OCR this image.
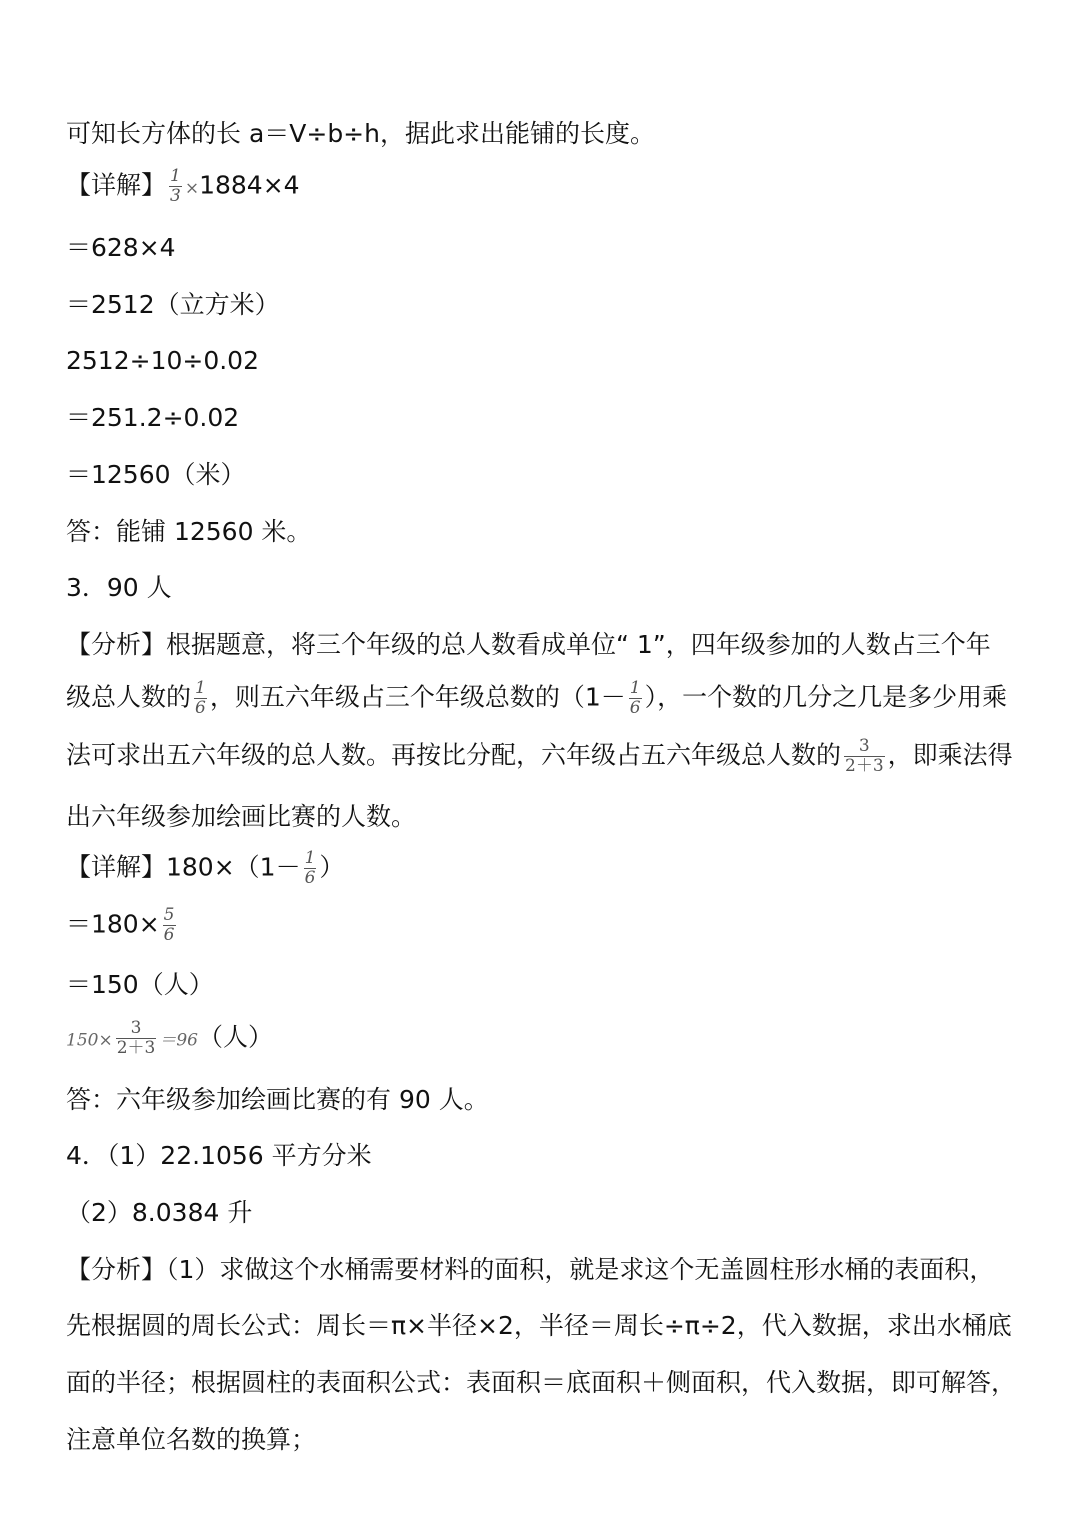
可知长方体的长 a＝V÷b÷h，据此求出能铺的长度。
【详解】 $\frac{1}{3} \times 1884\times 4$
＝628×4
＝2512（立方米）
2512÷10÷0.02
＝251.2÷0.02
＝12560（米）
答：能铺 12560 米。
3．90 人
【分析】根据题意，将三个年级的总人数看成单位“ 1”，四年级参加的人数占三个年
级总人数的 $\frac{1}{6}$ ，则五六年级占三个年级总数的（$1- \frac{1}{6}$ ），一个数的几分之几是多少用乘
法可求出五六年级的总人数。再按比分配，六年级占五六年级总人数的 $\frac{3}{2+3}$ ，即乘法得
出六年级参加绘画比赛的人数。
【详解】$180\times(1- \frac{1}{6}$ ）
$=180\times \frac{5}{6}$
＝150（人）
$150\times \frac{3}{2+3} =96$（人）
答：六年级参加绘画比赛的有 90 人。
4．（1）22.1056 平方分米
（2）8.0384 升
【分析】（1）求做这个水桶需要材料的面积，就是求这个无盖圆柱形水桶的表面积，
先根据圆的周长公式：周长＝π×半径×2，半径＝周长÷π÷2，代入数据，求出水桶底
面的半径；根据圆柱的表面积公式：表面积＝底面积＋侧面积，代入数据，即可解答，
注意单位名数的换算；
